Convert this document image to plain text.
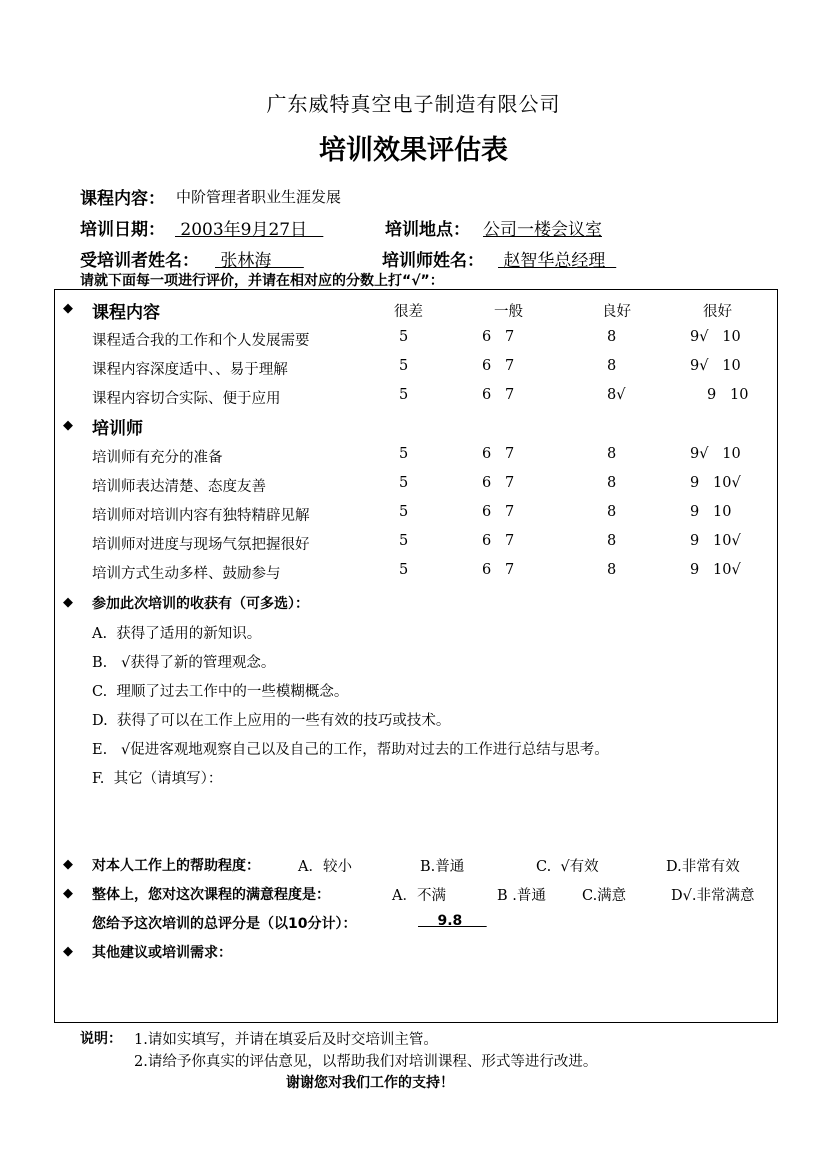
广东威特真空电子制造有限公司
培训效果评估表
课程内容： 中阶管理者职业生涯发展
培训日期： 2003年9月27日	培训地点： 公司一楼会议室
受培训者姓名： 张林海	培训师姓名： 赵智华总经理
请就下面每一项进行评价，并请在相对应的分数上打“√”：
◆ 课程内容	很差	一般	良好	很好
课程适合我的工作和个人发展需要	5	6   7	8	9√   10
课程内容深度适中、、易于理解	5	6   7	8	9√   10
课程内容切合实际、便于应用	5	6   7	8√	9   10
◆ 培训师
培训师有充分的准备	5	6   7	8	9√   10
培训师表达清楚、态度友善	5	6   7	8	9   10√
培训师对培训内容有独特精辟见解	5	6   7	8	9   10
培训师对进度与现场气氛把握很好	5	6   7	8	9   10√
培训方式生动多样、鼓励参与	5	6   7	8	9   10√
◆ 参加此次培训的收获有（可多选）：
A.  获得了适用的新知识。
B.   √获得了新的管理观念。
C.  理顺了过去工作中的一些模糊概念。
D.  获得了可以在工作上应用的一些有效的技巧或技术。
E.   √促进客观地观察自己以及自己的工作，帮助对过去的工作进行总结与思考。
F.  其它（请填写）：
◆ 对本人工作上的帮助程度：	A．较小	B.普通	C.  √有效	D.非常有效
◆ 整体上，您对这次课程的满意程度是：	A．不满	B .普通 C.满意	D√.非常满意
您给予这次培训的总评分是（以10分计）：	9.8
◆ 其他建议或培训需求：
说明： 1.请如实填写，并请在填妥后及时交培训主管。
2.请给予你真实的评估意见，以帮助我们对培训课程、形式等进行改进。
谢谢您对我们工作的支持！
